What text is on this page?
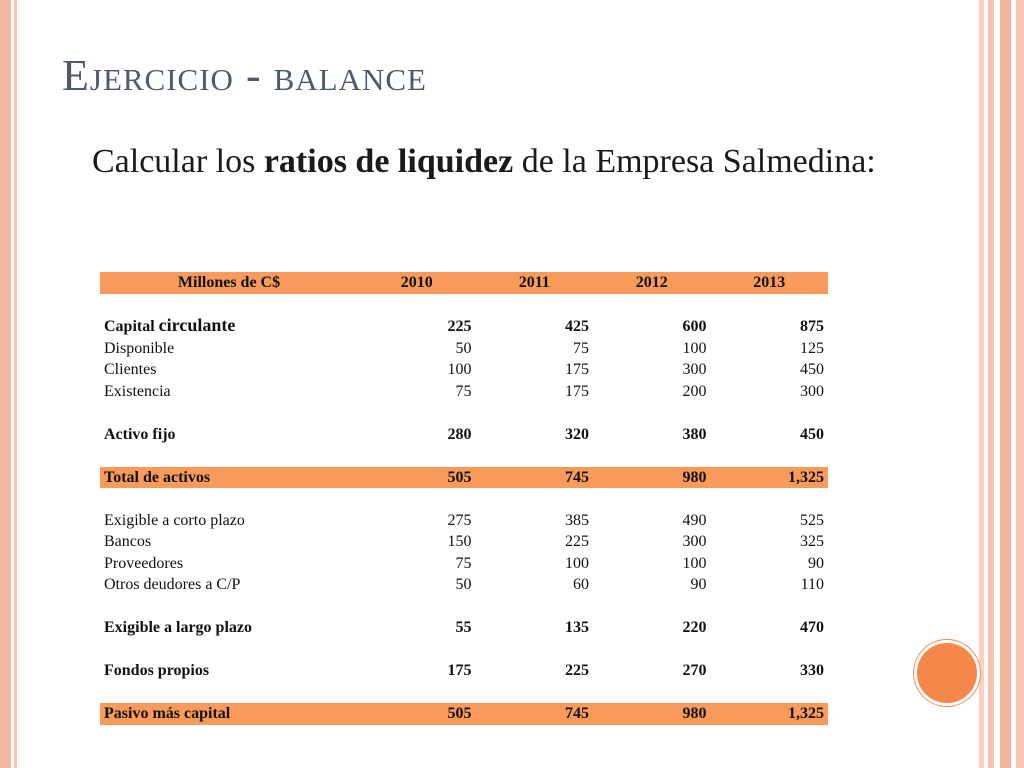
Ejercicio - balance

Calcular los ratios de liquidez de la Empresa Salmedina:

Millones de C$	2010	2011	2012	2013

Capital circulante	225	425	600	875
Disponible	50	75	100	125
Clientes	100	175	300	450
Existencia	75	175	200	300

Activo fijo	280	320	380	450

Total de activos	505	745	980	1,325

Exigible a corto plazo	275	385	490	525
Bancos	150	225	300	325
Proveedores	75	100	100	90
Otros deudores a C/P	50	60	90	110

Exigible a largo plazo	55	135	220	470

Fondos propios	175	225	270	330

Pasivo más capital	505	745	980	1,325
